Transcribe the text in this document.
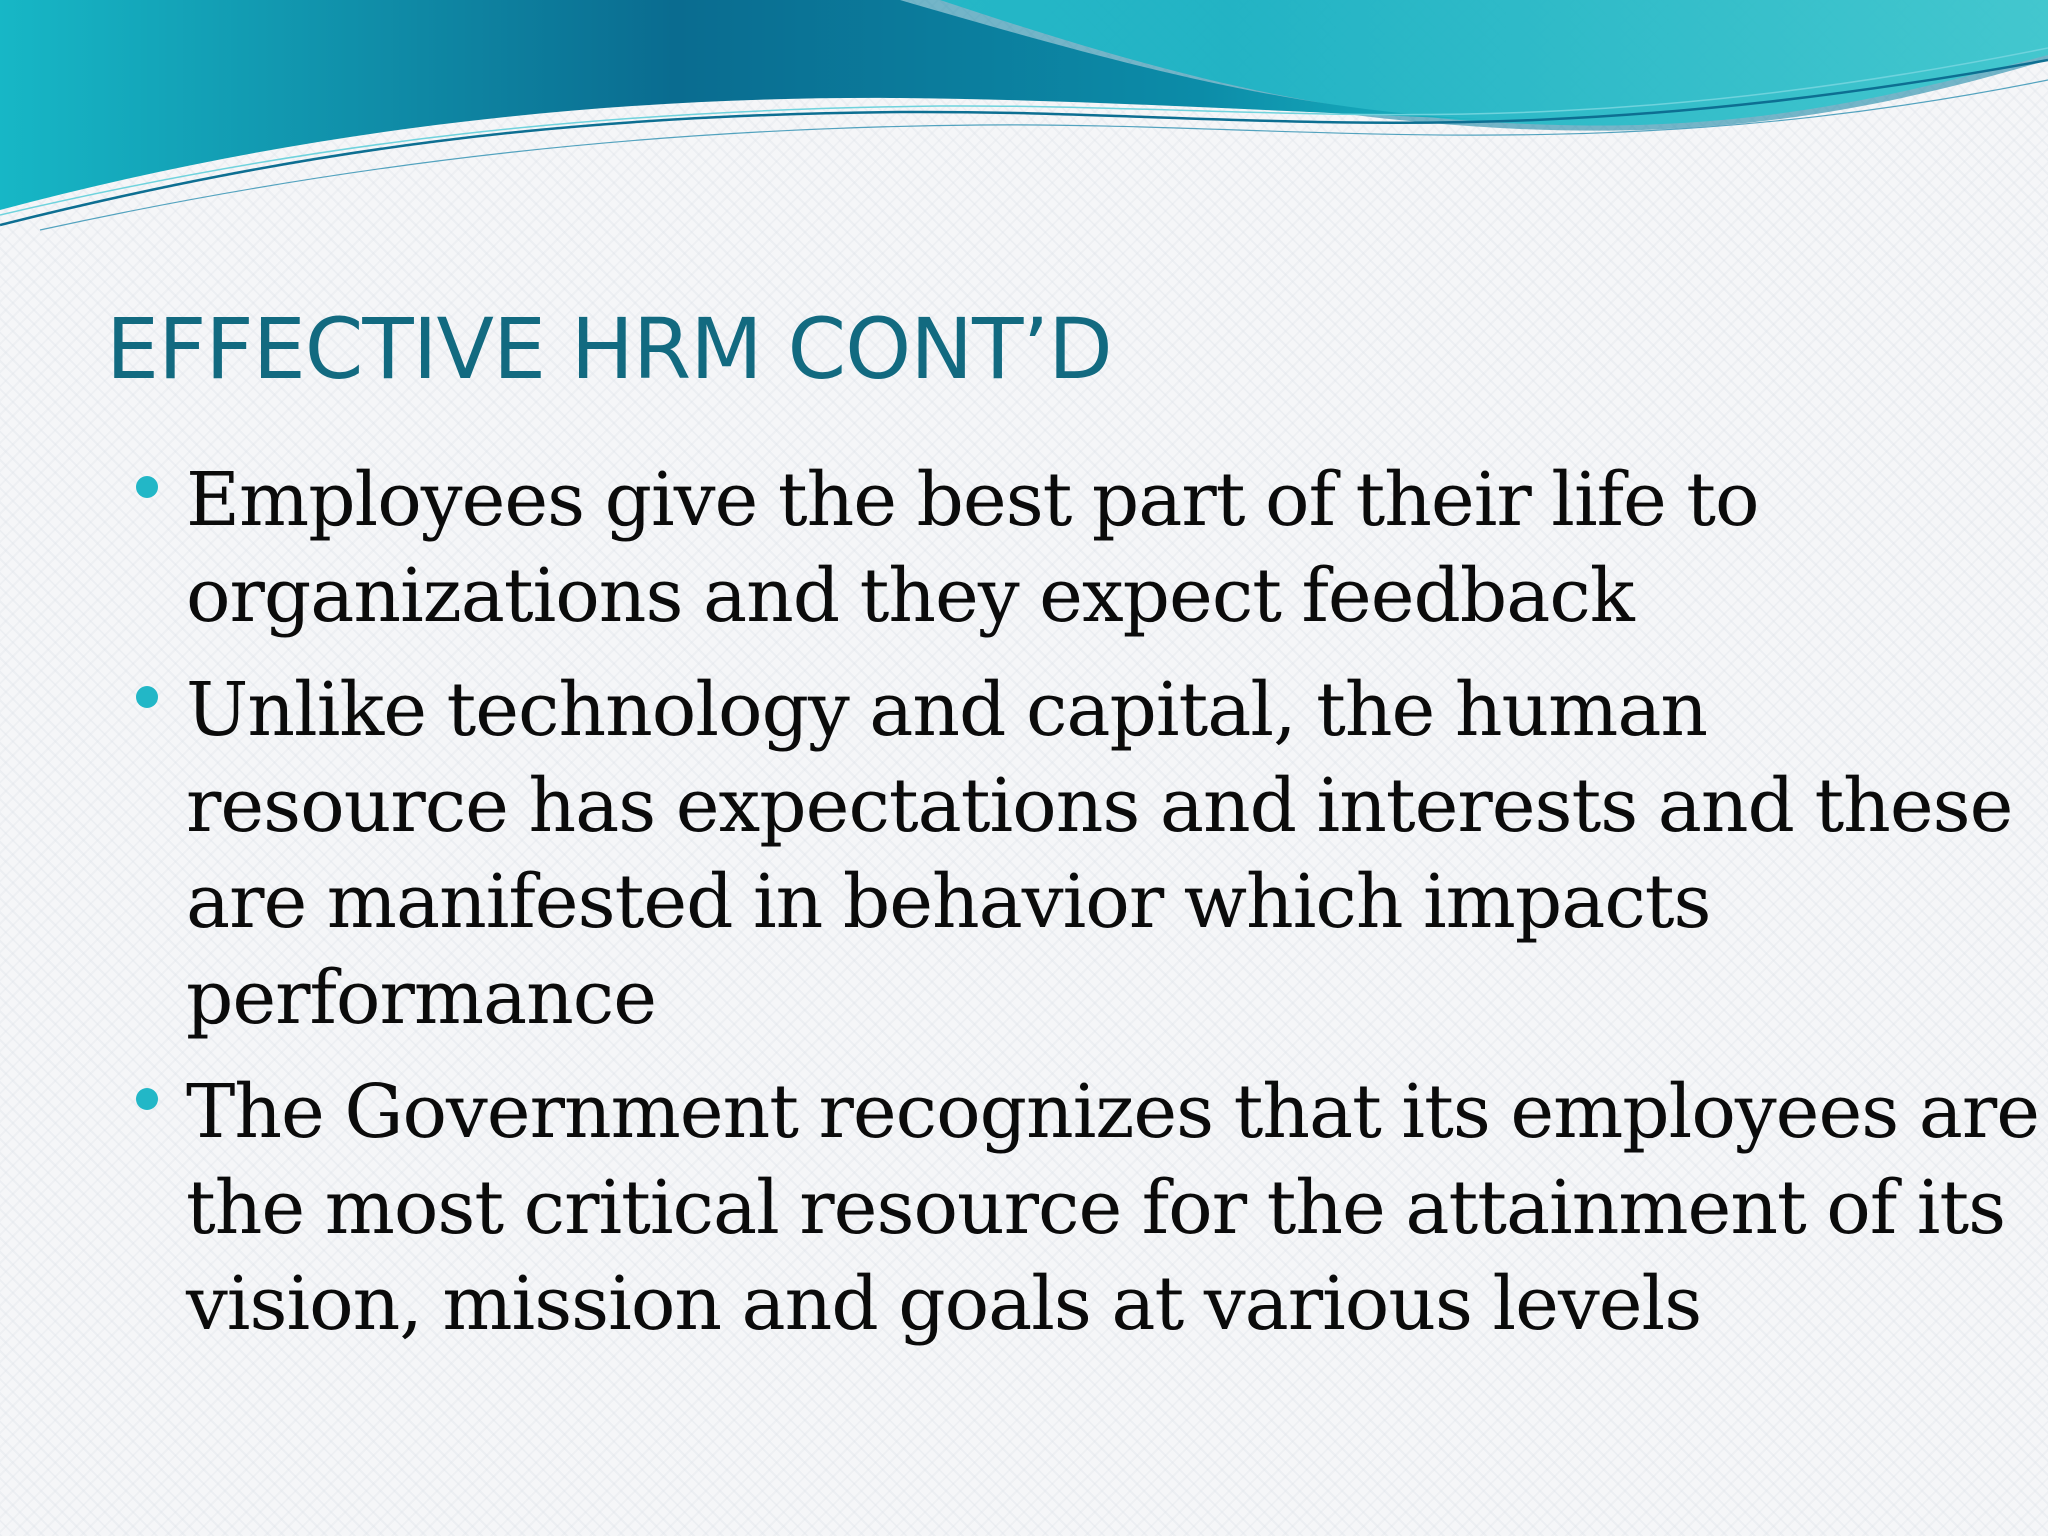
EFFECTIVE HRM CONT’D
Employees give the best part of their life to
organizations and they expect feedback
Unlike technology and capital, the human
resource has expectations and interests and these
are manifested in behavior which impacts
performance
The Government recognizes that its employees are
the most critical resource for the attainment of its
vision, mission and goals at various levels
